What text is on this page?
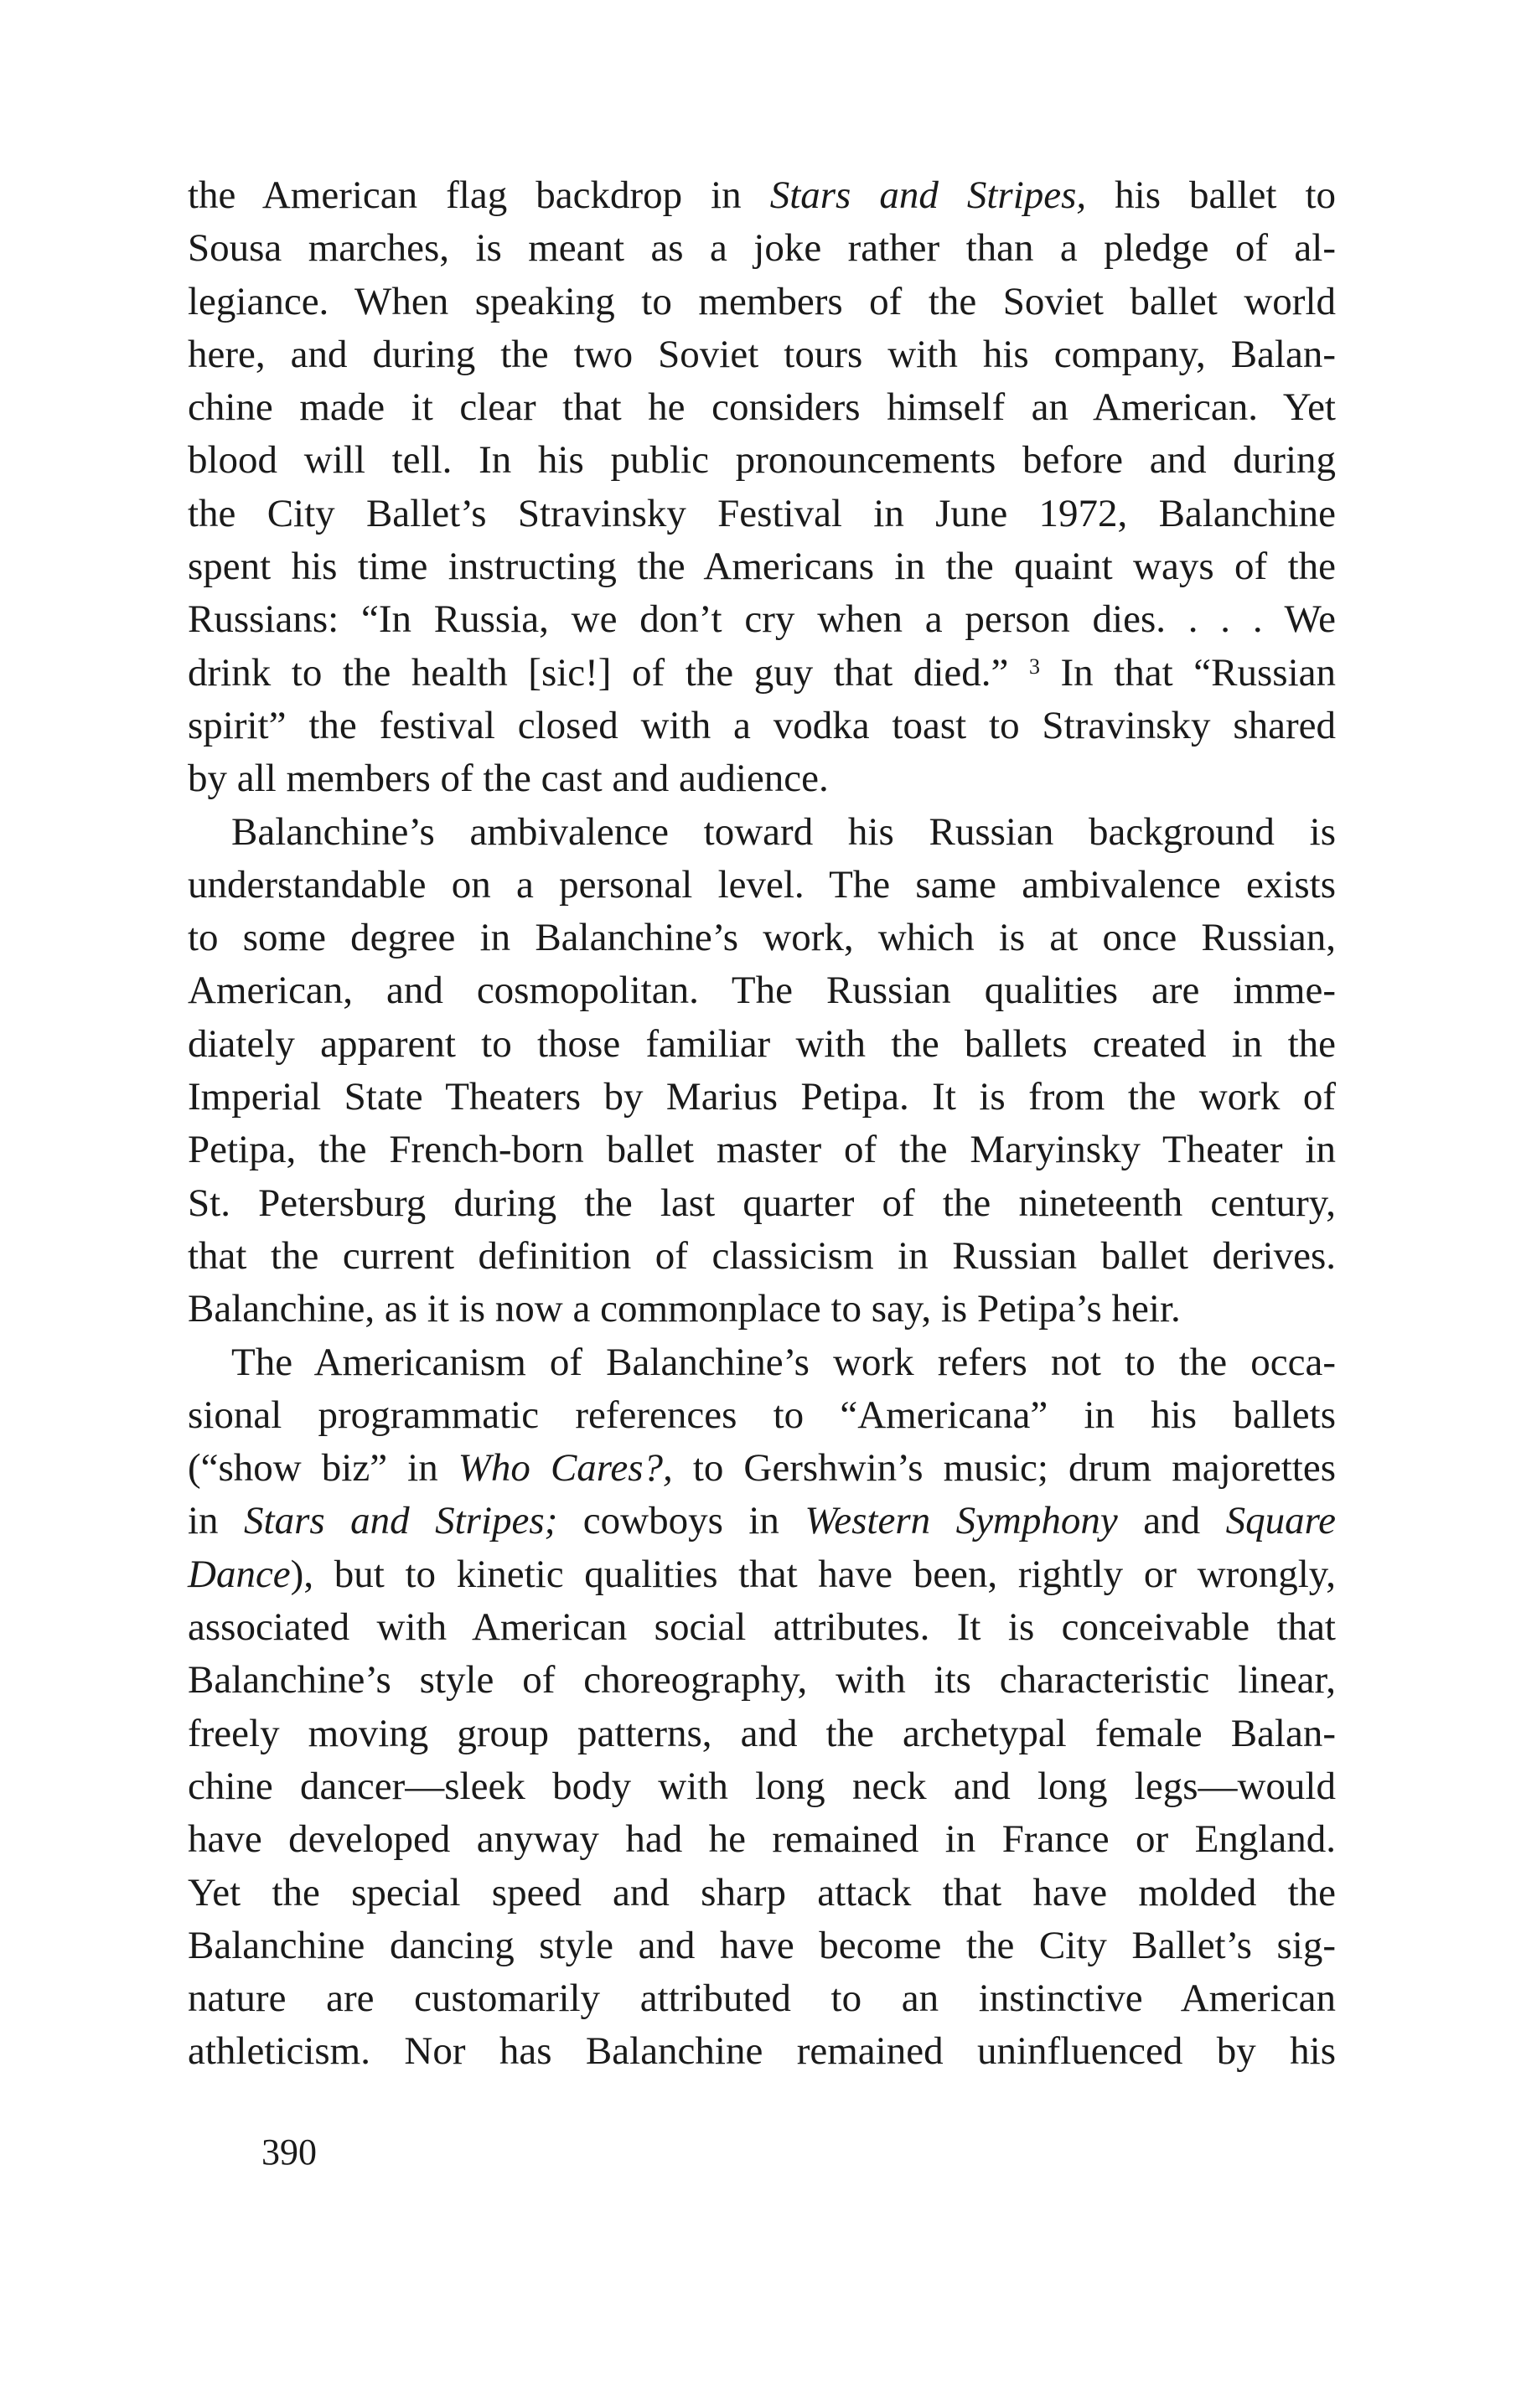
the American flag backdrop in Stars and Stripes, his ballet to
Sousa marches, is meant as a joke rather than a pledge of al-
legiance. When speaking to members of the Soviet ballet world
here, and during the two Soviet tours with his company, Balan-
chine made it clear that he considers himself an American. Yet
blood will tell. In his public pronouncements before and during
the City Ballet’s Stravinsky Festival in June 1972, Balanchine
spent his time instructing the Americans in the quaint ways of the
Russians: “In Russia, we don’t cry when a person dies. . . . We
drink to the health [sic!] of the guy that died.” $^3$ In that “Russian
spirit” the festival closed with a vodka toast to Stravinsky shared
by all members of the cast and audience.
Balanchine’s ambivalence toward his Russian background is
understandable on a personal level. The same ambivalence exists
to some degree in Balanchine’s work, which is at once Russian,
American, and cosmopolitan. The Russian qualities are imme-
diately apparent to those familiar with the ballets created in the
Imperial State Theaters by Marius Petipa. It is from the work of
Petipa, the French-born ballet master of the Maryinsky Theater in
St. Petersburg during the last quarter of the nineteenth century,
that the current definition of classicism in Russian ballet derives.
Balanchine, as it is now a commonplace to say, is Petipa’s heir.
The Americanism of Balanchine’s work refers not to the occa-
sional programmatic references to “Americana” in his ballets
(“show biz” in Who Cares?, to Gershwin’s music; drum majorettes
in Stars and Stripes; cowboys in Western Symphony and Square
Dance), but to kinetic qualities that have been, rightly or wrongly,
associated with American social attributes. It is conceivable that
Balanchine’s style of choreography, with its characteristic linear,
freely moving group patterns, and the archetypal female Balan-
chine dancer—sleek body with long neck and long legs—would
have developed anyway had he remained in France or England.
Yet the special speed and sharp attack that have molded the
Balanchine dancing style and have become the City Ballet’s sig-
nature are customarily attributed to an instinctive American
athleticism. Nor has Balanchine remained uninfluenced by his
390
